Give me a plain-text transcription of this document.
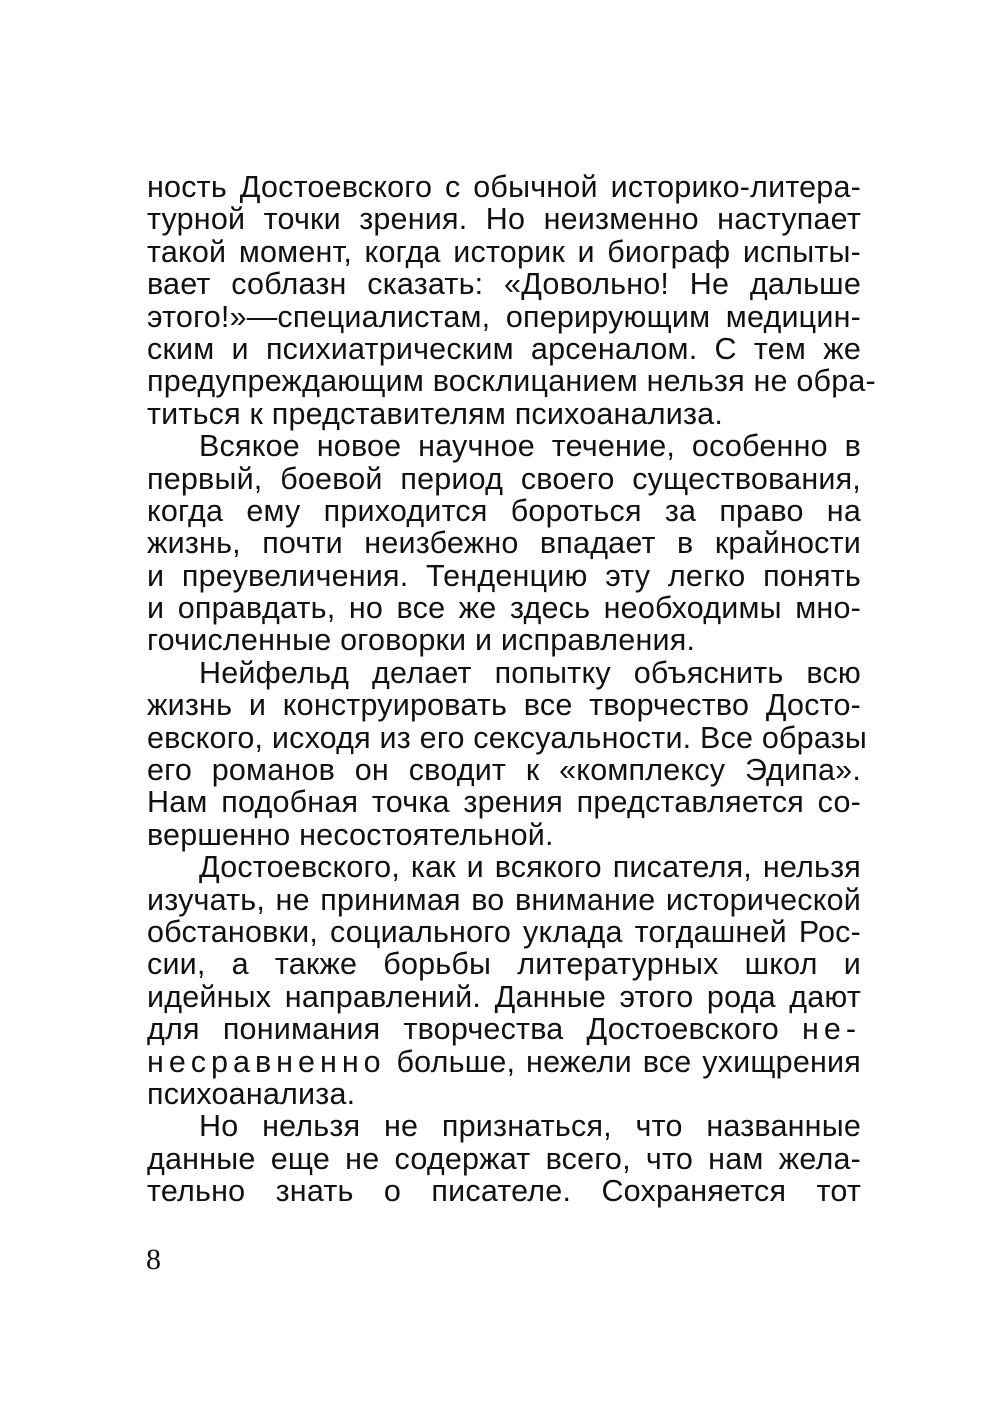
ность Достоевского с обычной историко-литера-
турной точки зрения. Но неизменно наступает
такой момент, когда историк и биограф испыты-
вает соблазн сказать: «Довольно! Не дальше
этого!»—специалистам, оперирующим медицин-
ским и психиатрическим арсеналом. С тем же
предупреждающим восклицанием нельзя не обра-
титься к представителям психоанализа.
Всякое новое научное течение, особенно в
первый, боевой период своего существования,
когда ему приходится бороться за право на
жизнь, почти неизбежно впадает в крайности
и преувеличения. Тенденцию эту легко понять
и оправдать, но все же здесь необходимы мно-
гочисленные оговорки и исправления.
Нейфельд делает попытку объяснить всю
жизнь и конструировать все творчество Досто-
евского, исходя из его сексуальности. Все образы
его романов он сводит к «комплексу Эдипа».
Нам подобная точка зрения представляется со-
вершенно несостоятельной.
Достоевского, как и всякого писателя, нельзя
изучать, не принимая во внимание исторической
обстановки, социального уклада тогдашней Рос-
сии, а также борьбы литературных школ и
идейных направлений. Данные этого рода дают
для понимания творчества Достоевского не-
несравненно больше, нежели все ухищрения
психоанализа.
Но нельзя не признаться, что названные
данные еще не содержат всего, что нам жела-
тельно знать о писателе. Сохраняется тот
8
